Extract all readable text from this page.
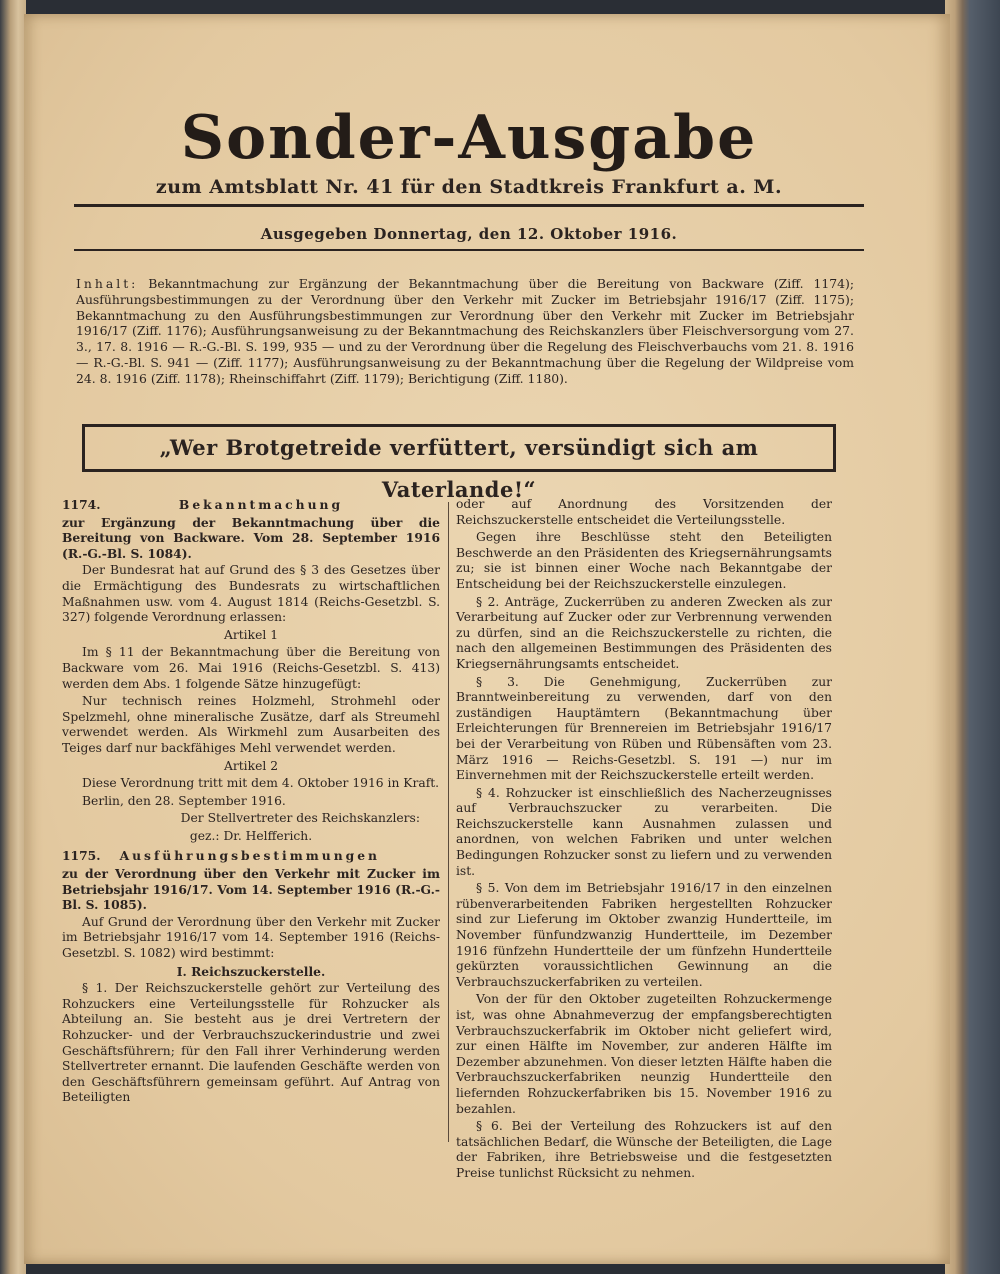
Sonder-Ausgabe
zum Amtsblatt Nr. 41 für den Stadtkreis Frankfurt a. M.
Ausgegeben Donnertag, den 12. Oktober 1916.
Inhalt: Bekanntmachung zur Ergänzung der Bekanntmachung über die Bereitung von Backware (Ziff. 1174); Ausführungsbestimmungen zu der Verordnung über den Verkehr mit Zucker im Betriebsjahr 1916/17 (Ziff. 1175); Bekanntmachung zu den Ausführungsbestimmungen zur Verordnung über den Verkehr mit Zucker im Betriebsjahr 1916/17 (Ziff. 1176); Ausführungsanweisung zu der Bekanntmachung des Reichskanzlers über Fleischversorgung vom 27. 3., 17. 8. 1916 — R.-G.-Bl. S. 199, 935 — und zu der Verordnung über die Regelung des Fleischverbauchs vom 21. 8. 1916 — R.-G.-Bl. S. 941 — (Ziff. 1177); Ausführungsanweisung zu der Bekanntmachung über die Regelung der Wildpreise vom 24. 8. 1916 (Ziff. 1178); Rheinschiffahrt (Ziff. 1179); Berichtigung (Ziff. 1180).
„Wer Brotgetreide verfüttert, versündigt sich am Vaterlande!“
1174.	Bekanntmachung

zur Ergänzung der Bekanntmachung über die Bereitung von Backware. Vom 28. September 1916 (R.-G.-Bl. S. 1084).

Der Bundesrat hat auf Grund des § 3 des Gesetzes über die Ermächtigung des Bundesrats zu wirtschaftlichen Maßnahmen usw. vom 4. August 1814 (Reichs-Gesetzbl. S. 327) folgende Verordnung erlassen:

Artikel 1

Im § 11 der Bekanntmachung über die Bereitung von Backware vom 26. Mai 1916 (Reichs-Gesetzbl. S. 413) werden dem Abs. 1 folgende Sätze hinzugefügt:

Nur technisch reines Holzmehl, Strohmehl oder Spelzmehl, ohne mineralische Zusätze, darf als Streumehl verwendet werden. Als Wirkmehl zum Ausarbeiten des Teiges darf nur backfähiges Mehl verwendet werden.

Artikel 2

Diese Verordnung tritt mit dem 4. Oktober 1916 in Kraft.

Berlin, den 28. September 1916.

Der Stellvertreter des Reichskanzlers:

gez.: Dr. Helfferich.

1175.	Ausführungsbestimmungen

zu der Verordnung über den Verkehr mit Zucker im Betriebsjahr 1916/17. Vom 14. September 1916 (R.-G.-Bl. S. 1085).

Auf Grund der Verordnung über den Verkehr mit Zucker im Betriebsjahr 1916/17 vom 14. September 1916 (Reichs-Gesetzbl. S. 1082) wird bestimmt:

I. Reichszuckerstelle.

§ 1. Der Reichszuckerstelle gehört zur Verteilung des Rohzuckers eine Verteilungsstelle für Rohzucker als Abteilung an. Sie besteht aus je drei Vertretern der Rohzucker- und der Verbrauchszuckerindustrie und zwei Geschäftsführern; für den Fall ihrer Verhinderung werden Stellvertreter ernannt. Die laufenden Geschäfte werden von den Geschäftsführern gemeinsam geführt. Auf Antrag von Beteiligten

oder auf Anordnung des Vorsitzenden der Reichszuckerstelle entscheidet die Verteilungsstelle.

Gegen ihre Beschlüsse steht den Beteiligten Beschwerde an den Präsidenten des Kriegsernährungsamts zu; sie ist binnen einer Woche nach Bekanntgabe der Entscheidung bei der Reichszuckerstelle einzulegen.

§ 2. Anträge, Zuckerrüben zu anderen Zwecken als zur Verarbeitung auf Zucker oder zur Verbrennung verwenden zu dürfen, sind an die Reichszuckerstelle zu richten, die nach den allgemeinen Bestimmungen des Präsidenten des Kriegsernährungsamts entscheidet.

§ 3. Die Genehmigung, Zuckerrüben zur Branntweinbereitung zu verwenden, darf von den zuständigen Hauptämtern (Bekanntmachung über Erleichterungen für Brennereien im Betriebsjahr 1916/17 bei der Verarbeitung von Rüben und Rübensäften vom 23. März 1916 — Reichs-Gesetzbl. S. 191 —) nur im Einvernehmen mit der Reichszuckerstelle erteilt werden.

§ 4. Rohzucker ist einschließlich des Nacherzeugnisses auf Verbrauchszucker zu verarbeiten. Die Reichszuckerstelle kann Ausnahmen zulassen und anordnen, von welchen Fabriken und unter welchen Bedingungen Rohzucker sonst zu liefern und zu verwenden ist.

§ 5. Von dem im Betriebsjahr 1916/17 in den einzelnen rübenverarbeitenden Fabriken hergestellten Rohzucker sind zur Lieferung im Oktober zwanzig Hundertteile, im November fünfundzwanzig Hundertteile, im Dezember 1916 fünfzehn Hundertteile der um fünfzehn Hundertteile gekürzten voraussichtlichen Gewinnung an die Verbrauchszuckerfabriken zu verteilen.

Von der für den Oktober zugeteilten Rohzuckermenge ist, was ohne Abnahmeverzug der empfangsberechtigten Verbrauchszuckerfabrik im Oktober nicht geliefert wird, zur einen Hälfte im November, zur anderen Hälfte im Dezember abzunehmen. Von dieser letzten Hälfte haben die Verbrauchszuckerfabriken neunzig Hundertteile den liefernden Rohzuckerfabriken bis 15. November 1916 zu bezahlen.

§ 6. Bei der Verteilung des Rohzuckers ist auf den tatsächlichen Bedarf, die Wünsche der Beteiligten, die Lage der Fabriken, ihre Betriebsweise und die festgesetzten Preise tunlichst Rücksicht zu nehmen.
